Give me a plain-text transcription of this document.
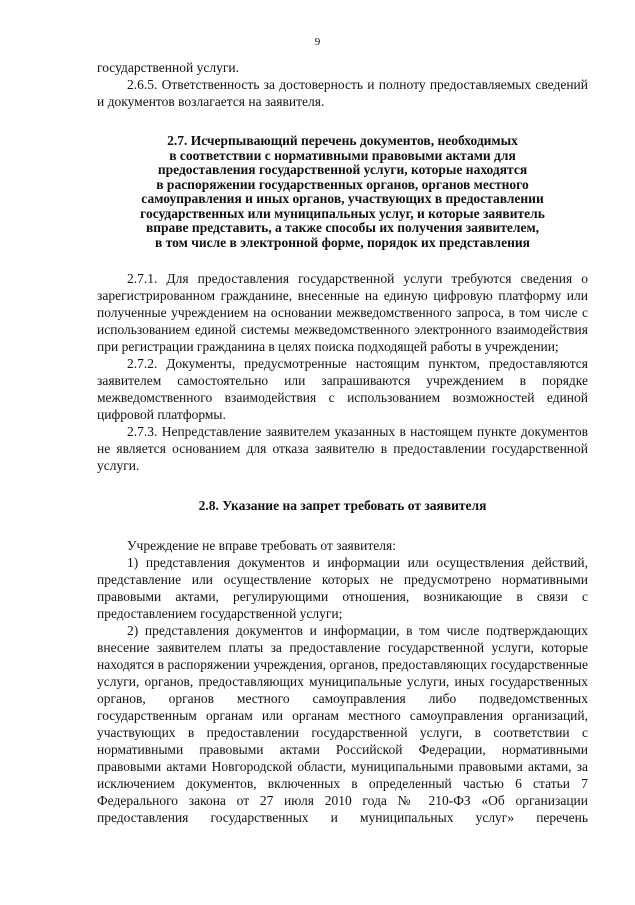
9

государственной услуги.

2.6.5. Ответственность за достоверность и полноту предоставляемых сведений и документов возлагается на заявителя.

2.7. Исчерпывающий перечень документов, необходимых
в соответствии с нормативными правовыми актами для
предоставления государственной услуги, которые находятся
в распоряжении государственных органов, органов местного
самоуправления и иных органов, участвующих в предоставлении
государственных или муниципальных услуг, и которые заявитель
вправе представить, а также способы их получения заявителем,
в том числе в электронной форме, порядок их представления

2.7.1. Для предоставления государственной услуги требуются сведения о зарегистрированном гражданине, внесенные на единую цифровую платформу или полученные учреждением на основании межведомственного запроса, в том числе с использованием единой системы межведомственного электронного взаимодействия при регистрации гражданина в целях поиска подходящей работы в учреждении;

2.7.2. Документы, предусмотренные настоящим пунктом, предоставляются заявителем самостоятельно или запрашиваются учреждением в порядке межведомственного взаимодействия с использованием возможностей единой цифровой платформы.

2.7.3. Непредставление заявителем указанных в настоящем пункте документов не является основанием для отказа заявителю в предоставлении государственной услуги.

2.8. Указание на запрет требовать от заявителя

Учреждение не вправе требовать от заявителя:

1) представления документов и информации или осуществления действий, представление или осуществление которых не предусмотрено нормативными правовыми актами, регулирующими отношения, возникающие в связи с предоставлением государственной услуги;

2) представления документов и информации, в том числе подтверждающих внесение заявителем платы за предоставление государственной услуги, которые находятся в распоряжении учреждения, органов, предоставляющих государственные услуги, органов, предоставляющих муниципальные услуги, иных государственных органов, органов местного самоуправления либо подведомственных государственным органам или органам местного самоуправления организаций, участвующих в предоставлении государственной услуги, в соответствии с нормативными правовыми актами Российской Федерации, нормативными правовыми актами Новгородской области, муниципальными правовыми актами, за исключением документов, включенных в определенный частью 6 статьи 7 Федерального закона от 27 июля 2010 года № 210-ФЗ «Об организации предоставления государственных и муниципальных услуг» перечень
